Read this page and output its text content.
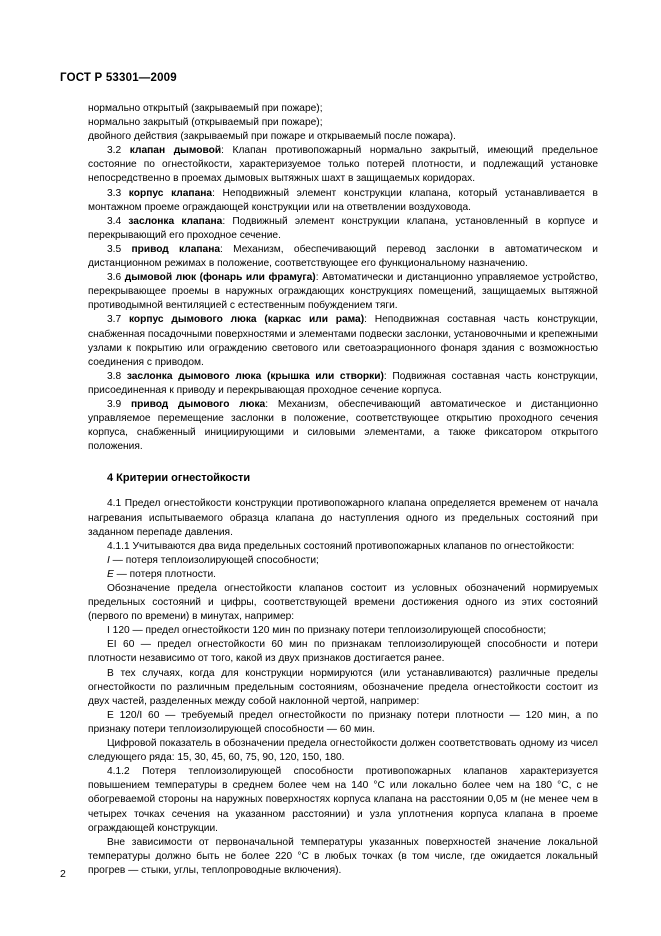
ГОСТ Р 53301—2009

нормально открытый (закрываемый при пожаре);

нормально закрытый (открываемый при пожаре);

двойного действия (закрываемый при пожаре и открываемый после пожара).

3.2 клапан дымовой: Клапан противопожарный нормально закрытый, имеющий предельное состояние по огнестойкости, характеризуемое только потерей плотности, и подлежащий установке непосредственно в проемах дымовых вытяжных шахт в защищаемых коридорах.

3.3 корпус клапана: Неподвижный элемент конструкции клапана, который устанавливается в монтажном проеме ограждающей конструкции или на ответвлении воздуховода.

3.4 заслонка клапана: Подвижный элемент конструкции клапана, установленный в корпусе и перекрывающий его проходное сечение.

3.5 привод клапана: Механизм, обеспечивающий перевод заслонки в автоматическом и дистанционном режимах в положение, соответствующее его функциональному назначению.

3.6 дымовой люк (фонарь или фрамуга): Автоматически и дистанционно управляемое устройство, перекрывающее проемы в наружных ограждающих конструкциях помещений, защищаемых вытяжной противодымной вентиляцией с естественным побуждением тяги.

3.7 корпус дымового люка (каркас или рама): Неподвижная составная часть конструкции, снабженная посадочными поверхностями и элементами подвески заслонки, установочными и крепежными узлами к покрытию или ограждению светового или светоаэрационного фонаря здания с возможностью соединения с приводом.

3.8 заслонка дымового люка (крышка или створки): Подвижная составная часть конструкции, присоединенная к приводу и перекрывающая проходное сечение корпуса.

3.9 привод дымового люка: Механизм, обеспечивающий автоматическое и дистанционно управляемое перемещение заслонки в положение, соответствующее открытию проходного сечения корпуса, снабженный инициирующими и силовыми элементами, а также фиксатором открытого положения.

4 Критерии огнестойкости

4.1 Предел огнестойкости конструкции противопожарного клапана определяется временем от начала нагревания испытываемого образца клапана до наступления одного из предельных состояний при заданном перепаде давления.

4.1.1 Учитываются два вида предельных состояний противопожарных клапанов по огнестойкости:

I — потеря теплоизолирующей способности;

E — потеря плотности.

Обозначение предела огнестойкости клапанов состоит из условных обозначений нормируемых предельных состояний и цифры, соответствующей времени достижения одного из этих состояний (первого по времени) в минутах, например:

I 120 — предел огнестойкости 120 мин по признаку потери теплоизолирующей способности;

EI 60 — предел огнестойкости 60 мин по признакам теплоизолирующей способности и потери плотности независимо от того, какой из двух признаков достигается ранее.

В тех случаях, когда для конструкции нормируются (или устанавливаются) различные пределы огнестойкости по различным предельным состояниям, обозначение предела огнестойкости состоит из двух частей, разделенных между собой наклонной чертой, например:

E 120/I 60 — требуемый предел огнестойкости по признаку потери плотности — 120 мин, а по признаку потери теплоизолирующей способности — 60 мин.

Цифровой показатель в обозначении предела огнестойкости должен соответствовать одному из чисел следующего ряда: 15, 30, 45, 60, 75, 90, 120, 150, 180.

4.1.2 Потеря теплоизолирующей способности противопожарных клапанов характеризуется повышением температуры в среднем более чем на 140 °С или локально более чем на 180 °С, с не обогреваемой стороны на наружных поверхностях корпуса клапана на расстоянии 0,05 м (не менее чем в четырех точках сечения на указанном расстоянии) и узла уплотнения корпуса клапана в проеме ограждающей конструкции.

Вне зависимости от первоначальной температуры указанных поверхностей значение локальной температуры должно быть не более 220 °С в любых точках (в том числе, где ожидается локальный прогрев — стыки, углы, теплопроводные включения).

2
